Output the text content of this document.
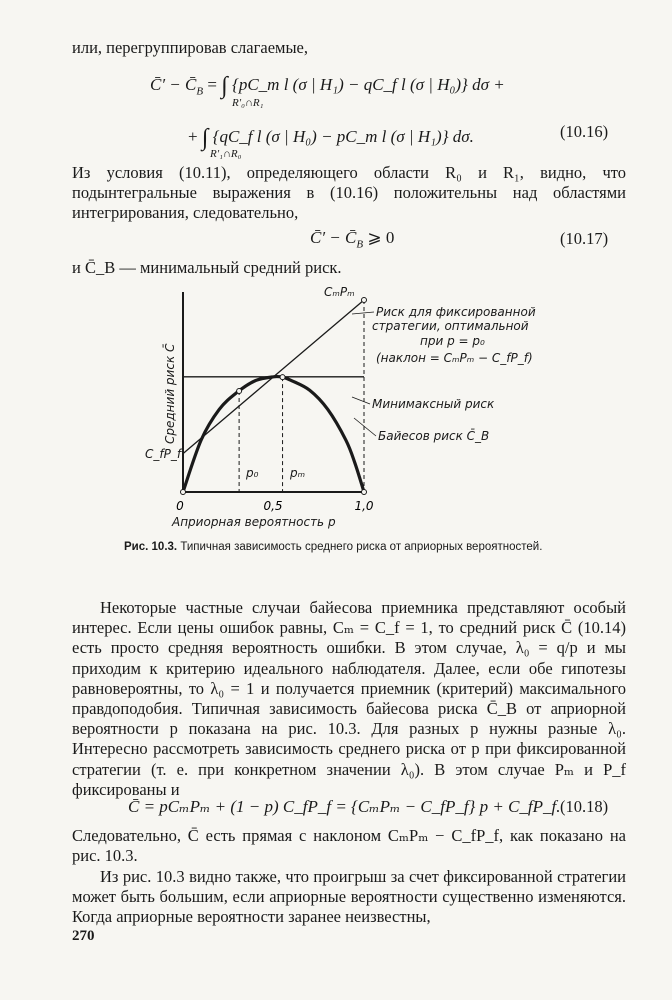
или, перегруппировав слагаемые,
C̄′ − $C̄_B$ = ∫ {pC_m l (σ | H₁) − qC_f l (σ | H₀)} dσ +
R′₀∩R₁
+ ∫ {qC_f l (σ | H₀) − pC_m l (σ | H₁)} dσ.
R′₁∩R₀
(10.16)
Из условия (10.11), определяющего области R₀ и R₁, видно, что подынтегральные выражения в (10.16) положительны над областями интегрирования, следовательно,
C̄′ − $C̄_B$ ⩾ 0	(10.17)
и C̄_B — минимальный средний риск.
0	0,5	1,0
p₀	pₘ
CₘPₘ
C_fP_f
Средний риск C̄
Априорная вероятность p
Риск для фиксированной
стратегии, оптимальной
при p = p₀
(наклон = CₘPₘ − C_fP_f)
Минимаксный риск
Байесов риск C̄_B
Рис. 10.3. Типичная зависимость среднего риска от априорных вероятностей.
Некоторые частные случаи байесова приемника представляют особый интерес. Если цены ошибок равны, Cₘ = C_f = 1, то средний риск C̄ (10.14) есть просто средняя вероятность ошибки. В этом случае, λ₀ = q/p и мы приходим к критерию идеального наблюдателя. Далее, если обе гипотезы равновероятны, то λ₀ = 1 и получается приемник (критерий) максимального правдоподобия. Типичная зависимость байесова риска C̄_B от априорной вероятности p показана на рис. 10.3. Для разных p нужны разные λ₀. Интересно рассмотреть зависимость среднего риска от p при фиксированной стратегии (т. е. при конкретном значении λ₀). В этом случае Pₘ и P_f фиксированы и
C̄ = pCₘPₘ + (1 − p) C_fP_f = {CₘPₘ − C_fP_f} p + C_fP_f. (10.18)
Следовательно, C̄ есть прямая с наклоном CₘPₘ − C_fP_f, как показано на рис. 10.3.
Из рис. 10.3 видно также, что проигрыш за счет фиксированной стратегии может быть большим, если априорные вероятности существенно изменяются. Когда априорные вероятности заранее неизвестны,
270
